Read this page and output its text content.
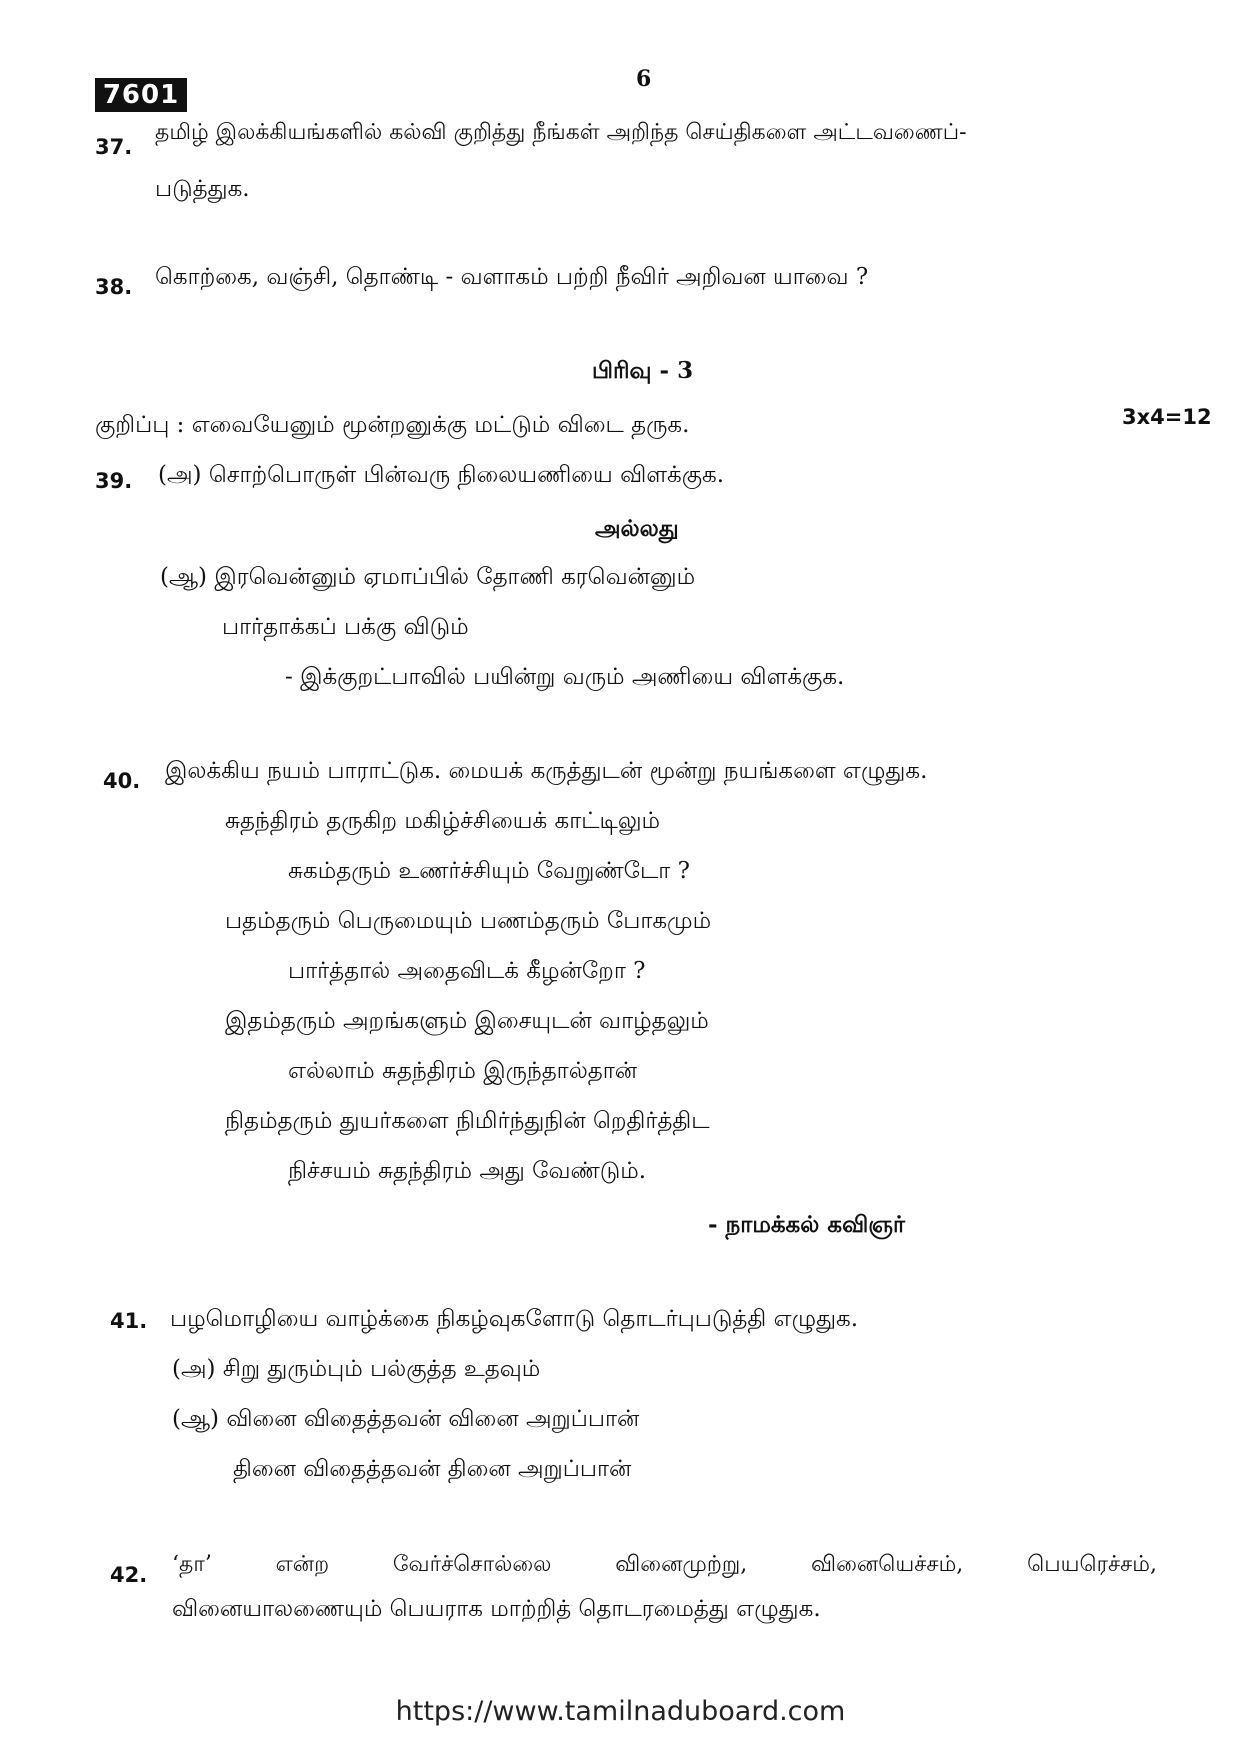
7601
6
37.
தமிழ் இலக்கியங்களில் கல்வி குறித்து நீங்கள் அறிந்த செய்திகளை அட்டவணைப்-
படுத்துக.
38. கொற்கை, வஞ்சி, தொண்டி - வளாகம் பற்றி நீவிர் அறிவன யாவை ?
பிரிவு - 3
குறிப்பு : எவையேனும் மூன்றனுக்கு மட்டும் விடை தருக.	3x4=12
39. (அ) சொற்பொருள் பின்வரு நிலையணியை விளக்குக.
அல்லது
(ஆ) இரவென்னும் ஏமாப்பில் தோணி கரவென்னும்
பார்தாக்கப் பக்கு விடும்
- இக்குறட்பாவில் பயின்று வரும் அணியை விளக்குக.
40. இலக்கிய நயம் பாராட்டுக. மையக் கருத்துடன் மூன்று நயங்களை எழுதுக.
சுதந்திரம் தருகிற மகிழ்ச்சியைக் காட்டிலும்
சுகம்தரும் உணர்ச்சியும் வேறுண்டோ ?
பதம்தரும் பெருமையும் பணம்தரும் போகமும்
பார்த்தால் அதைவிடக் கீழன்றோ ?
இதம்தரும் அறங்களும் இசையுடன் வாழ்தலும்
எல்லாம் சுதந்திரம் இருந்தால்தான்
நிதம்தரும் துயர்களை நிமிர்ந்துநின் றெதிர்த்திட
நிச்சயம் சுதந்திரம் அது வேண்டும்.
- நாமக்கல் கவிஞர்
41. பழமொழியை வாழ்க்கை நிகழ்வுகளோடு தொடர்புபடுத்தி எழுதுக.
(அ) சிறு துரும்பும் பல்குத்த உதவும்
(ஆ) வினை விதைத்தவன் வினை அறுப்பான்
தினை விதைத்தவன் தினை அறுப்பான்
42. ‘தா’ என்ற வேர்ச்சொல்லை வினைமுற்று, வினையெச்சம், பெயரெச்சம்,
வினையாலணையும் பெயராக மாற்றித் தொடரமைத்து எழுதுக.
https://www.tamilnaduboard.com
